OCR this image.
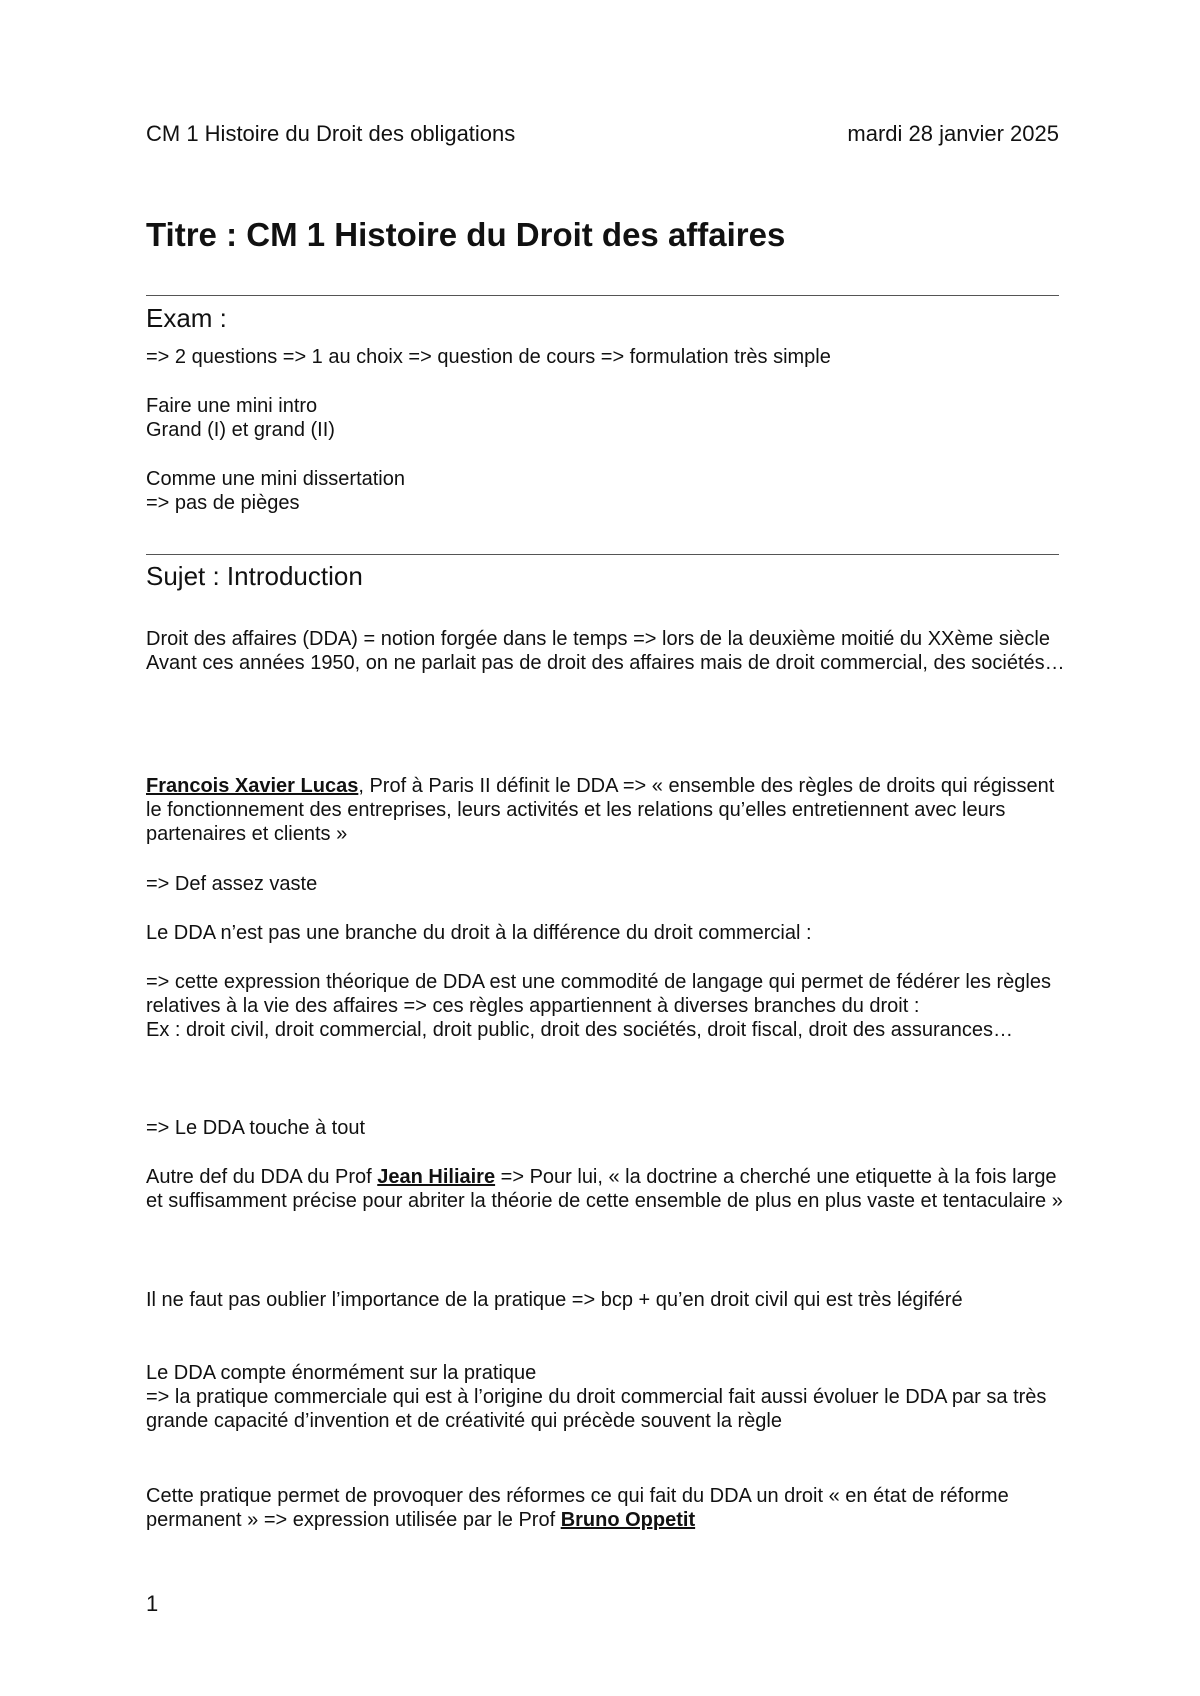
CM 1 Histoire du Droit des obligations	mardi 28 janvier 2025
Titre : CM 1 Histoire du Droit des affaires
Exam :

=> 2 questions => 1 au choix => question de cours => formulation très simple

Faire une mini intro

Grand (I) et grand (II)

Comme une mini dissertation

=> pas de pièges

Sujet : Introduction

Droit des affaires (DDA) = notion forgée dans le temps => lors de la deuxième moitié du XXème siècle

Avant ces années 1950, on ne parlait pas de droit des affaires mais de droit commercial, des sociétés…

Francois Xavier Lucas, Prof à Paris II définit le DDA => « ensemble des règles de droits qui régissent le fonctionnement des entreprises, leurs activités et les relations qu’elles entretiennent avec leurs partenaires et clients »

=> Def assez vaste

Le DDA n’est pas une branche du droit à la différence du droit commercial :

=> cette expression théorique de DDA est une commodité de langage qui permet de fédérer les règles relatives à la vie des affaires => ces règles appartiennent à diverses branches du droit :

Ex : droit civil, droit commercial, droit public, droit des sociétés, droit fiscal, droit des assurances…

=> Le DDA touche à tout

Autre def du DDA du Prof Jean Hiliaire => Pour lui, « la doctrine a cherché une etiquette à la fois large et suffisamment précise pour abriter la théorie de cette ensemble de plus en plus vaste et tentaculaire »

Il ne faut pas oublier l’importance de la pratique => bcp + qu’en droit civil qui est très légiféré

Le DDA compte énormément sur la pratique

=> la pratique commerciale qui est à l’origine du droit commercial fait aussi évoluer le DDA par sa très grande capacité d’invention et de créativité qui précède souvent la règle

Cette pratique permet de provoquer des réformes ce qui fait du DDA un droit « en état de réforme permanent » => expression utilisée par le Prof Bruno Oppetit

1
